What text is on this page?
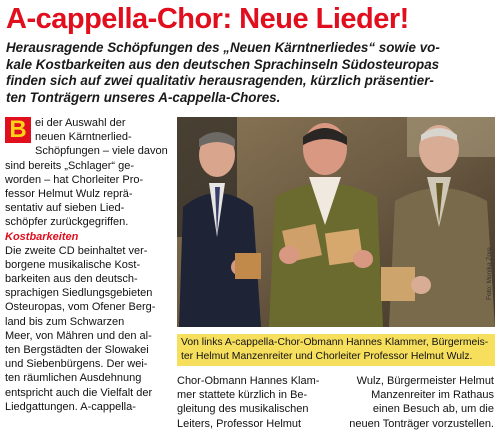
A-cappella-Chor: Neue Lieder!
Herausragende Schöpfungen des „Neuen Kärntnerliedes“ sowie vo-
kale Kostbarkeiten aus den deutschen Sprachinseln Südosteuropas
finden sich auf zwei qualitativ herausragenden, kürzlich präsentier-
ten Tonträgern unseres A-cappella-Chores.
B ei der Auswahl der
neuen Kärntnerlied-
Schöpfungen – viele davon
sind bereits „Schlager“ ge-
worden – hat Chorleiter Pro-
fessor Helmut Wulz reprä-
sentativ auf sieben Lied-
schöpfer zurückgegriffen.
Kostbarkeiten
Die zweite CD beinhaltet ver-
borgene musikalische Kost-
barkeiten aus den deutsch-
sprachigen Siedlungsgebieten
Osteuropas, vom Ofener Berg-
land bis zum Schwarzen
Meer, von Mähren und den al-
ten Bergstädten der Slowakei
und Siebenbürgens. Der wei-
ten räumlichen Ausdehnung
entspricht auch die Vielfalt der
Liedgattungen. A-cappella-
Foto: Monika Zore
Von links A-cappella-Chor-Obmann Hannes Klammer, Bürgermeis-
ter Helmut Manzenreiter und Chorleiter Professor Helmut Wulz.
Chor-Obmann Hannes Klam-
mer stattete kürzlich in Be-
gleitung des musikalischen
Leiters, Professor Helmut
Wulz, Bürgermeister Helmut
Manzenreiter im Rathaus
einen Besuch ab, um die
neuen Tonträger vorzustellen.
